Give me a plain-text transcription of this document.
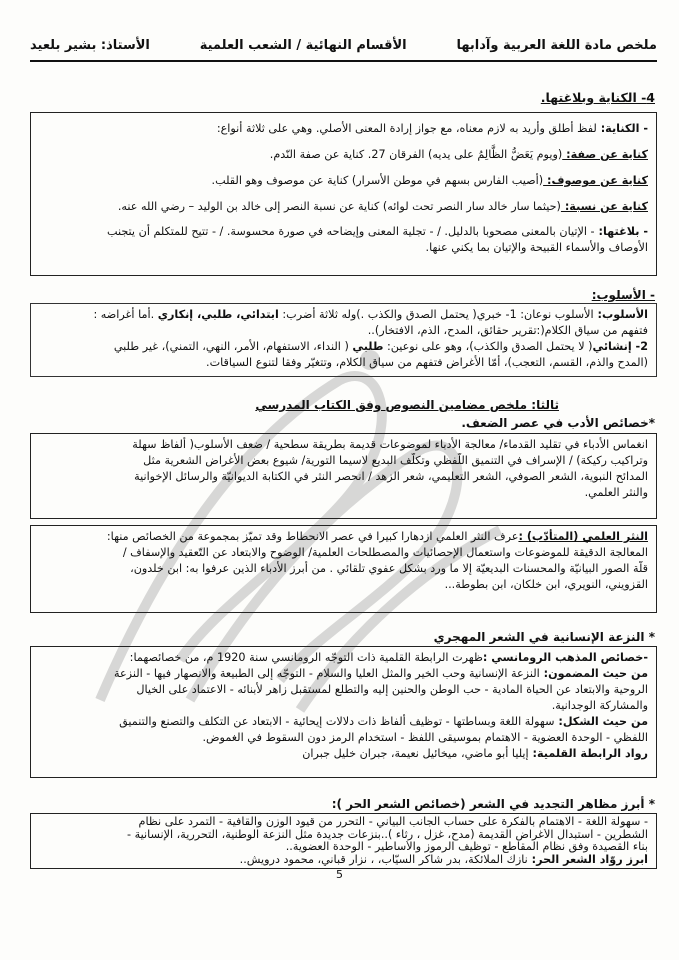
ملخص مادة اللغة العربية وآدابها
الأقسام النهائية / الشعب العلمية
الأستاذ: بشير بلعيد
4- الكناية وبلاغتها.
- الكناية: لفظ أطلق وأريد به لازم معناه، مع جواز إرادة المعنى الأصلي. وهي على ثلاثة أنواع:
كناية عن صفة: (ويوم يَعَضُّ الظَّالِمُ على يديه) الفرقان 27. كناية عن صفة النّدم.
كناية عن موصوف: (أصيب الفارس بسهم في موطن الأسرار) كناية عن موصوف وهو القلب.
كناية عن نسبة: (حيثما سار خالد سار النصر تحت لوائه) كناية عن نسبة النصر إلى خالد بن الوليد – رضي الله عنه.
- بلاغتها: - الإتيان بالمعنى مصحوبا بالدليل. / - تجلية المعنى وإيضاحه في صورة محسوسة. / - تتيح للمتكلم أن يتجنب
الأوصاف والأسماء القبيحة والإتيان بما يكني عنها.
- الأسلوب:
الأسلوب: الأسلوب نوعان: 1- خبري( يحتمل الصدق والكذب .)وله ثلاثة أضرب: ابتدائي، طلبي، إنكاري .أما أغراضه :
فتفهم من سياق الكلام(:تقرير حقائق، المدح، الذم، الافتخار)..
2- إنشائي( لا يحتمل الصدق والكذب)، وهو على نوعين: طلبي ( النداء، الاستفهام، الأمر، النهي، التمني)، غير طلبي
(المدح والذم، القسم، التعجب)، أمّا الأغراض فتفهم من سياق الكلام، وتتغيّر وفقا لتنوع السياقات.
ثالثا: ملخص مضامين النصوص وفق الكتاب المدرسي
*خصائص الأدب في عصر الضعف.
انغماس الأدباء في تقليد القدماء/ معالجة الأدباء لموضوعات قديمة بطريقة سطحية / ضعف الأسلوب( ألفاظ سهلة
وتراكيب ركيكة) / الإسراف في التنميق اللّفظي وتكلّف البديع لاسيما التورية/ شيوع بعض الأغراض الشعرية مثل
المدائح النبوية، الشعر الصوفي، الشعر التعليمي، شعر الزهد / انحصر النثر في الكتابة الديوانيّة والرسائل الإخوانية
والنثر العلمي.
النثر العلمي (المتأدّب) :عرف النثر العلمي ازدهارا كبيرا في عصر الانحطاط وقد تميّز بمجموعة من الخصائص منها:
المعالجة الدقيقة للموضوعات واستعمال الإحصائيات والمصطلحات العلمية/ الوضوح والابتعاد عن التّعقيد والإسفاف /
قلّة الصور البيانيّة والمحسنات البديعيّة إلا ما ورد بشكل عفوي تلقائي . من أبرز الأدباء الذين عرفوا به: ابن خلدون،
القزويني، النويري، ابن خلكان، ابن بطوطة...
* النزعة الإنسانية في الشعر المهجري
-خصائص المذهب الرومانسي :ظهرت الرابطة القلمية ذات التوجّه الرومانسي سنة 1920 م، من خصائصهما:
من حيث المضمون: النزعة الإنسانية وحب الخير والمثل العليا والسلام - التوجّه إلى الطبيعة والانصهار فيها - النزعة
الروحية والابتعاد عن الحياة المادية - حب الوطن والحنين إليه والتطلع لمستقبل زاهر لأبنائه - الاعتماد على الخيال
والمشاركة الوجدانية.
من حيث الشكل: سهولة اللغة وبساطتها - توظيف ألفاظ ذات دلالات إيحائية - الابتعاد عن التكلف والتصنع والتنميق
اللفظي - الوحدة العضوية - الاهتمام بموسيقى اللفظ - استخدام الرمز دون السقوط في الغموض.
رواد الرابطة القلمية: إيليا أبو ماضي، ميخائيل نعيمة، جبران خليل جبران
* أبرز مظاهر التجديد في الشعر (خصائص الشعر الحر ):
- سهولة اللغة - الاهتمام بالفكرة على حساب الجانب البياني - التحرر من قيود الوزن والقافية - التمرد على نظام
الشطرين - استبدال الأغراض القديمة (مدح، غزل ، رثاء )..بنزعات جديدة مثل النزعة الوطنية، التحررية، الإنسانية -
بناء القصيدة وفق نظام المقاطع - توظيف الرموز والأساطير - الوحدة العضوية..
أبرز روّاد الشعر الحر: نازك الملائكة، بدر شاكر السيّاب، ، نزار قباني، محمود درويش..
5
